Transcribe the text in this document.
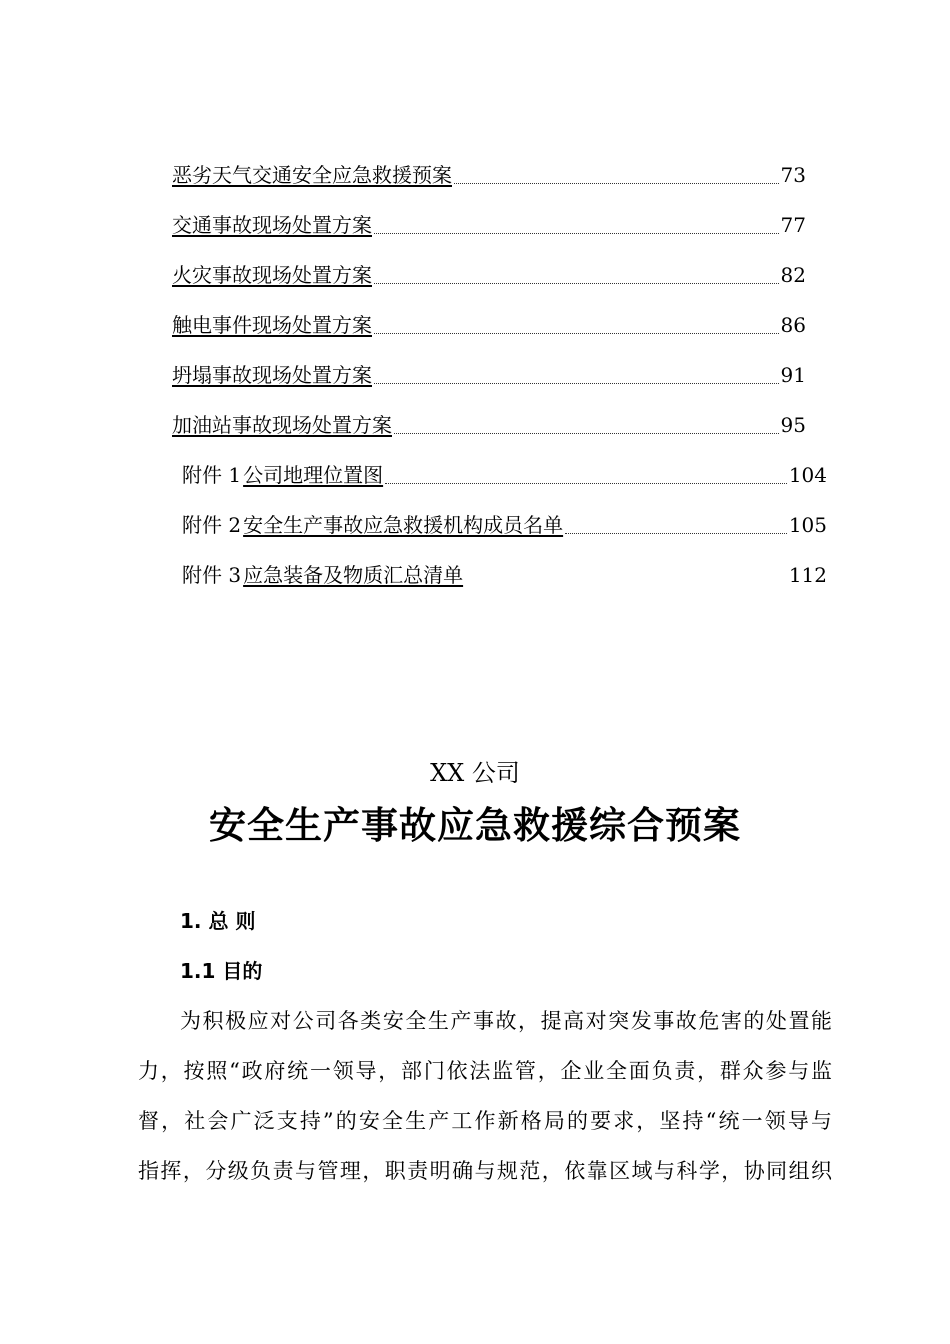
恶劣天气交通安全应急救援预案	73
交通事故现场处置方案	77
火灾事故现场处置方案	82
触电事件现场处置方案	86
坍塌事故现场处置方案	91
加油站事故现场处置方案	95
附件 1 公司地理位置图	104
附件 2 安全生产事故应急救援机构成员名单	105
附件 3 应急装备及物质汇总清单	112
XX 公司
安全生产事故应急救援综合预案
1. 总 则
1.1 目的
为积极应对公司各类安全生产事故，提高对突发事故危害的处置能
力，按照“政府统一领导，部门依法监管，企业全面负责，群众参与监
督，社会广泛支持”的安全生产工作新格局的要求，坚持“统一领导与
指挥，分级负责与管理，职责明确与规范，依靠区域与科学，协同组织
